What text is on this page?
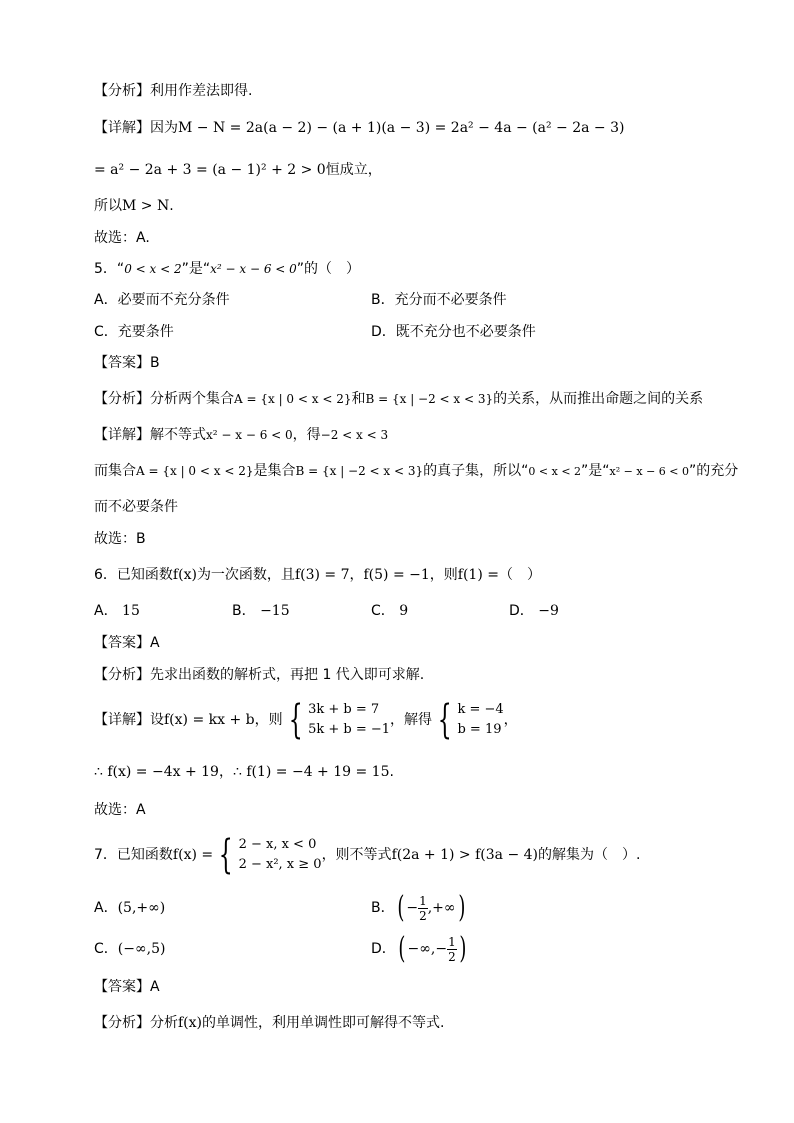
【分析】利用作差法即得.
【详解】因为M − N = 2a(a − 2) − (a + 1)(a − 3) = 2a² − 4a − (a² − 2a − 3)
= a² − 2a + 3 = (a − 1)² + 2 > 0恒成立，
所以M > N.
故选：A.
5．“0 < x < 2”是“x² − x − 6 < 0”的（　）
A．必要而不充分条件	B．充分而不必要条件
C．充要条件	D．既不充分也不必要条件
【答案】B
【分析】分析两个集合A = {x | 0 < x < 2}和B = {x | −2 < x < 3}的关系，从而推出命题之间的关系
【详解】解不等式x² − x − 6 < 0，得−2 < x < 3
而集合A = {x | 0 < x < 2}是集合B = {x | −2 < x < 3}的真子集，所以“0 < x < 2”是“x² − x − 6 < 0”的充分
而不必要条件
故选：B
6．已知函数f(x)为一次函数，且f(3) = 7，f(5) = −1，则f(1) =（　）
A． 15	B． −15	C． 9	D． −9
【答案】A
【分析】先求出函数的解析式，再把 1 代入即可求解.
【详解】设f(x) = kx + b，则 { 3k + b = 7
5k + b = −1
，解得 { k = −4
b = 19
，
∴ f(x) = −4x + 19，∴ f(1) = −4 + 19 = 15.
故选：A
7．已知函数f(x) = { 2 − x, x < 0
2 − x², x ≥ 0
，则不等式f(2a + 1) > f(3a − 4)的解集为（　）.
A．(5,+∞)	B．( − $\frac{1}{2}$ ,+∞)
C．(−∞,5)	D．( −∞,− $\frac{1}{2}$ )
【答案】A
【分析】分析f(x)的单调性，利用单调性即可解得不等式.
